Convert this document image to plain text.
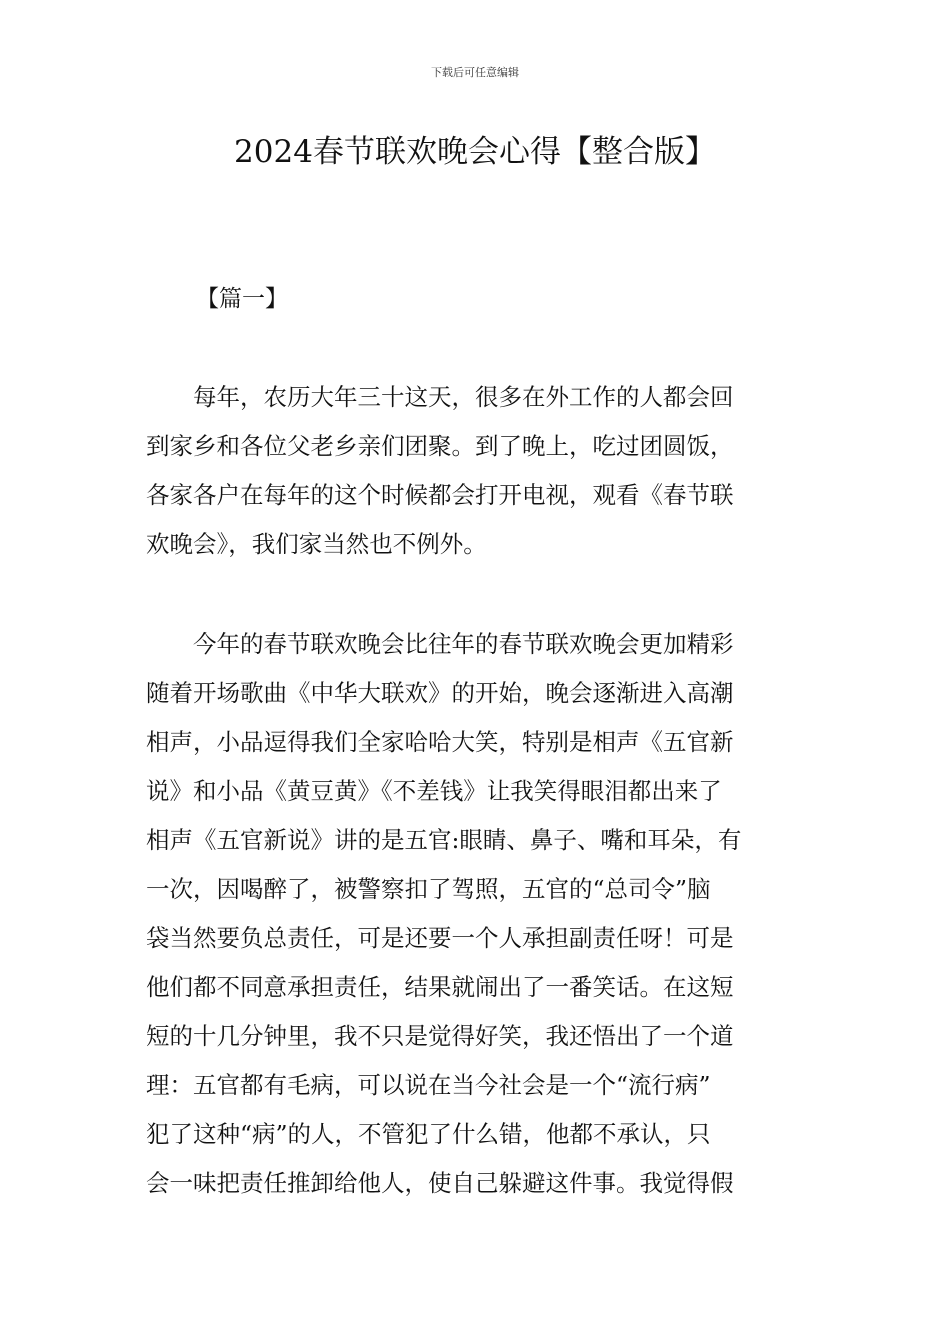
下载后可任意编辑
2024春节联欢晚会心得【整合版】
【篇一】
　　每年，农历大年三十这天，很多在外工作的人都会回
到家乡和各位父老乡亲们团聚。到了晚上，吃过团圆饭，
各家各户在每年的这个时候都会打开电视，观看《春节联
欢晚会》，我们家当然也不例外。
　　今年的春节联欢晚会比往年的春节联欢晚会更加精彩
随着开场歌曲《中华大联欢》的开始，晚会逐渐进入高潮
相声，小品逗得我们全家哈哈大笑，特别是相声《五官新
说》和小品《黄豆黄》《不差钱》让我笑得眼泪都出来了
相声《五官新说》讲的是五官:眼睛、鼻子、嘴和耳朵，有
一次，因喝醉了，被警察扣了驾照，五官的“总司令”脑
袋当然要负总责任，可是还要一个人承担副责任呀！可是
他们都不同意承担责任，结果就闹出了一番笑话。在这短
短的十几分钟里，我不只是觉得好笑，我还悟出了一个道
理：五官都有毛病，可以说在当今社会是一个“流行病”
犯了这种“病”的人，不管犯了什么错，他都不承认，只
会一味把责任推卸给他人，使自己躲避这件事。我觉得假
